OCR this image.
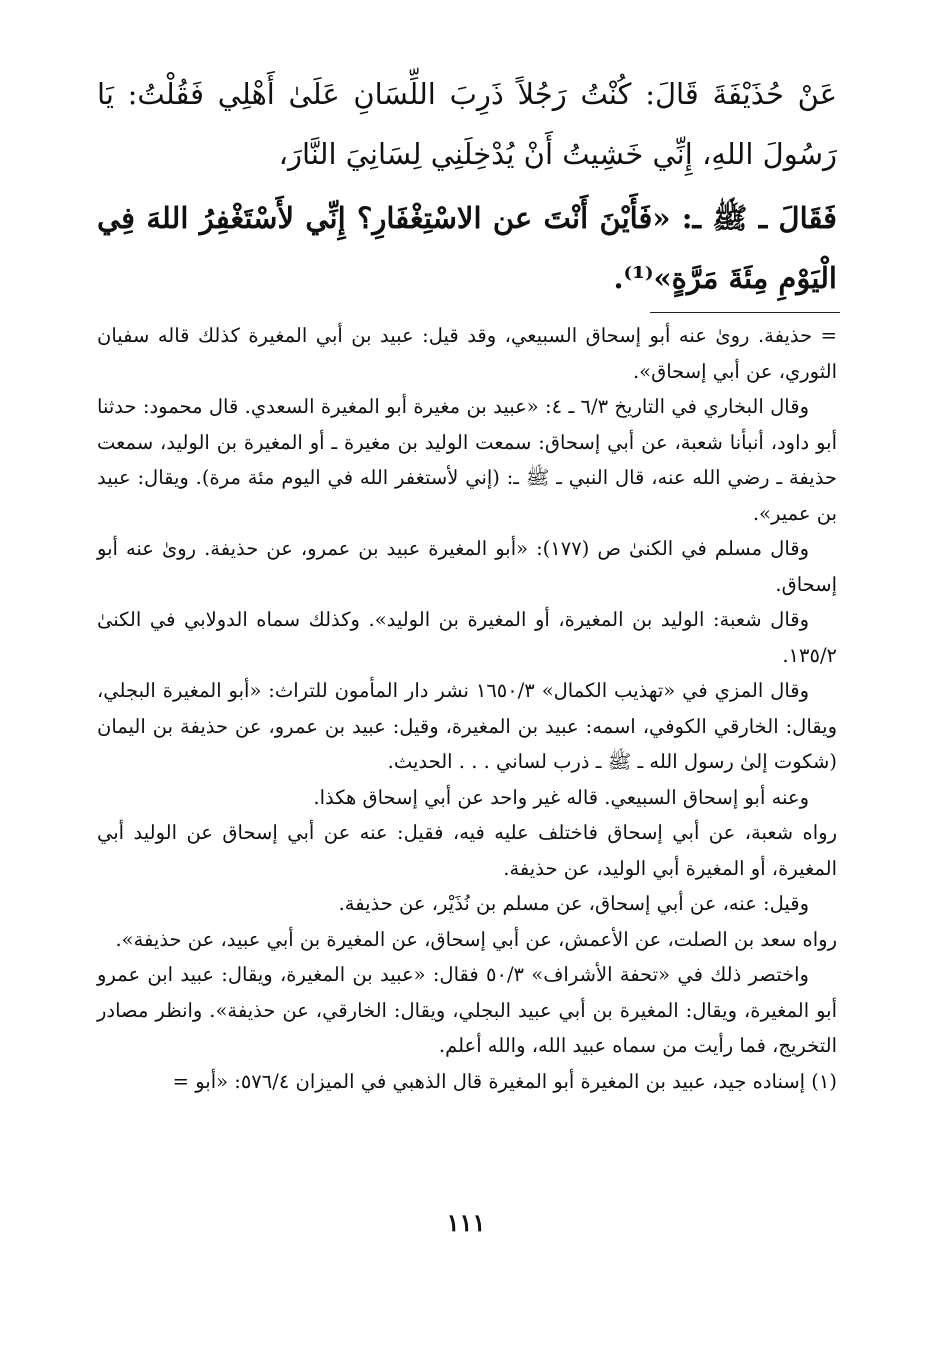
عَنْ حُذَيْفَةَ قَالَ: كُنْتُ رَجُلاً ذَرِبَ اللِّسَانِ عَلَىٰ أَهْلِي فَقُلْتُ: يَا رَسُولَ اللهِ، إِنِّي خَشِيتُ أَنْ يُدْخِلَنِي لِسَانِيَ النَّارَ،

فَقَالَ ـ ﷺ ـ: «فَأَيْنَ أَنْتَ عن الاسْتِغْفَارِ؟ إِنِّي لأَسْتَغْفِرُ اللهَ فِي الْيَوْمِ مِئَةَ مَرَّةٍ»⁽¹⁾.

= حذيفة. روىٰ عنه أبو إسحاق السبيعي، وقد قيل: عبيد بن أبي المغيرة كذلك قاله سفيان الثوري، عن أبي إسحاق».

وقال البخاري في التاريخ ٦/٣ ـ ٤: «عبيد بن مغيرة أبو المغيرة السعدي. قال محمود: حدثنا أبو داود، أنبأنا شعبة، عن أبي إسحاق: سمعت الوليد بن مغيرة ـ أو المغيرة بن الوليد، سمعت حذيفة ـ رضي الله عنه، قال النبي ـ ﷺ ـ: (إني لأستغفر الله في اليوم مئة مرة). ويقال: عبيد بن عمير».

وقال مسلم في الكنىٰ ص (١٧٧): «أبو المغيرة عبيد بن عمرو، عن حذيفة. روىٰ عنه أبو إسحاق.

وقال شعبة: الوليد بن المغيرة، أو المغيرة بن الوليد». وكذلك سماه الدولابي في الكنىٰ ١٣٥/٢.

وقال المزي في «تهذيب الكمال» ١٦٥٠/٣ نشر دار المأمون للتراث: «أبو المغيرة البجلي، ويقال: الخارقي الكوفي، اسمه: عبيد بن المغيرة، وقيل: عبيد بن عمرو، عن حذيفة بن اليمان (شكوت إلىٰ رسول الله ـ ﷺ ـ ذرب لساني . . . الحديث.

وعنه أبو إسحاق السبيعي. قاله غير واحد عن أبي إسحاق هكذا.

رواه شعبة، عن أبي إسحاق فاختلف عليه فيه، فقيل: عنه عن أبي إسحاق عن الوليد أبي المغيرة، أو المغيرة أبي الوليد، عن حذيفة.

وقيل: عنه، عن أبي إسحاق، عن مسلم بن نُذَيْر، عن حذيفة.

رواه سعد بن الصلت، عن الأعمش، عن أبي إسحاق، عن المغيرة بن أبي عبيد، عن حذيفة».

واختصر ذلك في «تحفة الأشراف» ٥٠/٣ فقال: «عبيد بن المغيرة، ويقال: عبيد ابن عمرو أبو المغيرة، ويقال: المغيرة بن أبي عبيد البجلي، ويقال: الخارقي، عن حذيفة». وانظر مصادر التخريج، فما رأيت من سماه عبيد الله، والله أعلم.

(١) إسناده جيد، عبيد بن المغيرة أبو المغيرة قال الذهبي في الميزان ٥٧٦/٤: «أبو =

١١١
